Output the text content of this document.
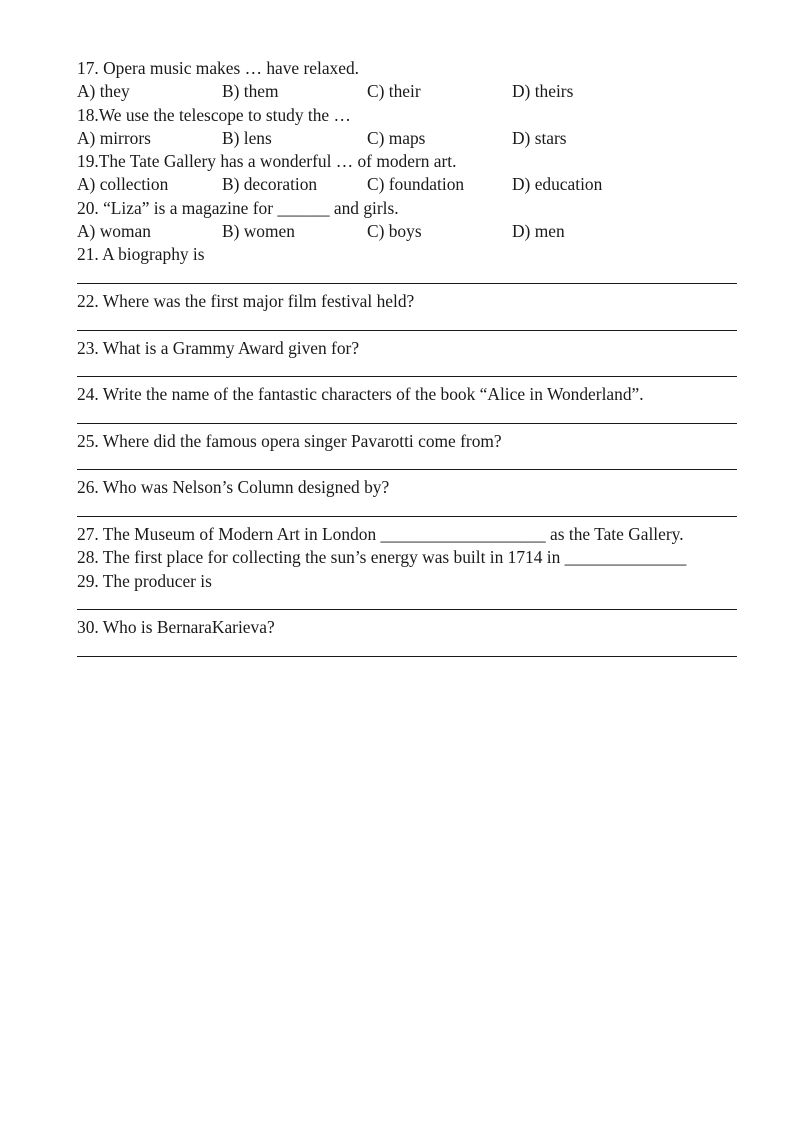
17. Opera music makes … have relaxed.
A) they	B) them	C) their	D) theirs
18.We use the telescope to study the …
A) mirrors	B) lens	C) maps	D) stars
19.The Tate Gallery has a wonderful … of modern art.
A) collection	B) decoration	C) foundation	D) education
20. “Liza” is a magazine for ______ and girls.
A) woman	B) women	C) boys	D) men
21. A biography is
22. Where was the first major film festival held?
23. What is a Grammy Award given for?
24. Write the name of the fantastic characters of the book “Alice in Wonderland”.
25. Where did the famous opera singer Pavarotti come from?
26. Who was Nelson’s Column designed by?
27. The Museum of Modern Art in London ___________________ as the Tate Gallery.
28. The first place for collecting the sun’s energy was built in 1714 in ______________
29. The producer is
30. Who is BernaraKarieva?
